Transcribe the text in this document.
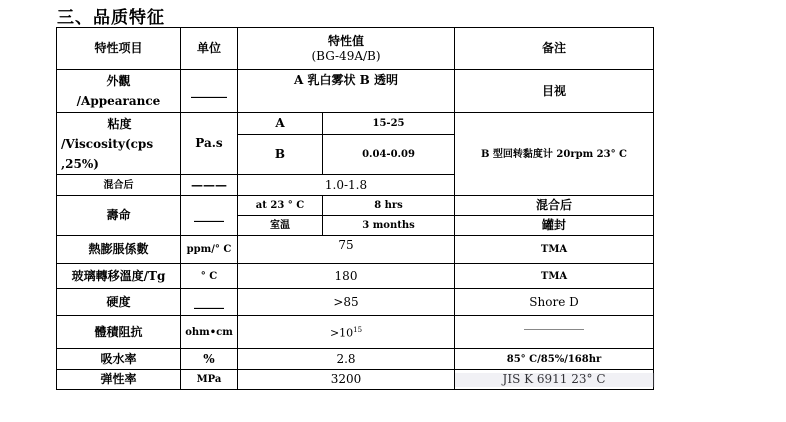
三、品质特征
特性项目	单位	特性值
(BG-49A/B)		备注

外觀
/Appearance	______	A 乳白雾状 B 透明		目视

粘度
/Viscosity(cps
,25%)	Pa.s	A	15-25	B 型回转黏度计 20rpm 23° C
		B	0.04-0.09	
混合后	———	1.0-1.8		
壽命	_____	at 23 ° C	8 hrs	混合后
		室温	3 months	罐封
熱膨脹係數	ppm/° C	75		TMA
玻璃轉移溫度/Tg	° C	180		TMA
硬度	_____	>85		Shore D
體積阻抗	ohm•cm	$>10^{15}$		__________
吸水率	%	2.8		85° C/85%/168hr
弹性率	MPa	3200		JIS K 6911 23° C
